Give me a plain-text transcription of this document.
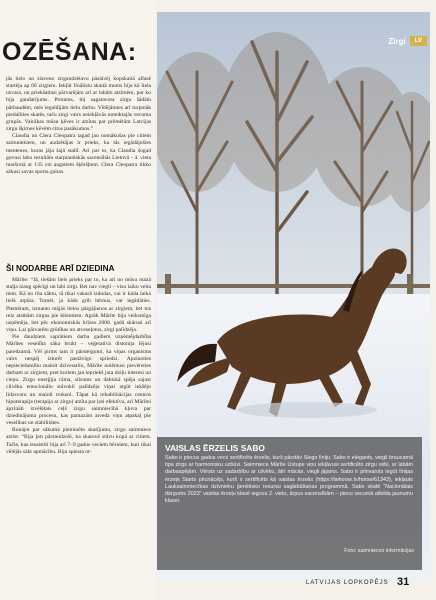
OZĒŠANA:

jās lielo un slaveno zirgaudzētavu pāstāvēj kopskaitā aflasē startēja ap 60 zirgiem. Iekļūt finālistu skaitā mums bija kā liela uzvara, un priekšatlasi pārvarējām arī ar labām atzīmēm, par ko bija gandarījums. Protams, bij sagatavota zirgu šādām pārbaudēm, mēs iegaldījām lielu darbu. Vēlējāmies arī turpmāk piedalīties skatēs, taču zirgi vairs neiekļāvās noteiktajās vecuma grupās. Vairākas mūsu ķēves ir atzītas par prēmētām Latvijas zirgu šķirnes kēvēm citos pasākumos.”

Claudia un Clera Cleopatra tagad jau nomākušas pie citiem saimniekiem, un audzētājas ir prieks, ka tās iegādājušies mentenes, kuras jāja šajā stallī. Arī par to, ka Claudia šogad guvusi labu rezultātu starptautiskās sacensībās Lietuvā - 4. vieta maršrutā ar 135 cm augstiem šķēršļiem. Clera Cleopatra tikko sākusi savas sporta gaitas.

ŠI NODARBE ARĪ DZIEDINA

Mārīte: “Jā, tiešām liels prieks par to, ka arī no mūsu mazā staļļa izaug spēcīgi un labi zirgi. Bet nav viegli – visu laiku velta tiem. Kā no rīta sāktu, tā tikai vakarā izdodas, vai ir kāda laika lielā atpūta. Tomēr, ja kāds grib bērnus, var iegādāties. Piemēram, izmanto mājās lielos pārgājienos ar zirgiem, bet tos reiz atsūtām zirgus pie klientiem. Agrāk Mārīte bija veiksmīga uzņēmēja, bet pēc ekonomiskās krīzes 2008. gadā skārusi arī viņu. Lai pārvarētu grūtības un atveseļotos, zirgi palīdzēja.

Pie daudziem saprātiem darba gadiem uzņēmējdarbība Mārītes veselība sāka brukt – veģetatīvā distonija lējusi paredzamā. Vēl pirms tam ir pārsteigumi, ka viņas organisms vairs nespēj izturēt pastāvīgo spriedzi. Apzinoties nepieciešamību mainīt dzīvesstilu, Mārīte nolēmusi pievērsties darbam ar zirgiem, pret kuriem jau iepriekš juta dziļu interesi un cieņu. Zirgu enerģija rāma, silsums un dabiskā spēja sajust cilvēka emocionālo stāvokli palīdzēja viņai atgūt iekšējo līdzsvaru un mainīt troksni. Tāpat kā rehabilitācijas centros hipoterapija (terapija ar zirgu) atzīta par ļoti efektīvu, arī Mārītei apzināti izvēlētais ceļš zirgu saimniecībā kļuva par dziedinājuma procesu, kas pamazām atveda viņu atpakaļ pie veselības un stabilitātes.

Runājot par sākumā pieminēto skatījumu, zirgu saimniece atzīst: “Bija ļoti pārsteidzoši, ka skatuvē stāvu kopā ar citiem. Tačie, kas iesaistīti bija arī 7–9 gadus veciem bērniem, kuri tikai vēlējās sākt apmācību. Bija spiesta ot-

Zirgi	LV
VAISLAS ĒRZELIS SABO
Sabo ir piecus gadus vecs sertificēts ērzelis, kurš pārstāv Siego līniju. Sabo ir elegants, viegli braucamā tipa zirgs ar harmonisku uzbūvi. Saimniece Mārīte Ustupe viņu iekļāvusi sertificēto zirgu vidū, ar labām darbaspējām. Vērsts uz sadarbību ar cilvēku, ātri mācās, viegli jājams. Sabo ir pilnvarots iegūt līnijas ērzeļa Starts pēcnācējs, kurš ir sertificēts kā vaislas ērzelis (https://lwhorse.lv/horse/61343), iekļauts Lauksaimniecības dzīvnieku ģenētisko resursu saglabāšanas programmā. Sabo skatē “Nacionālais dārgums 2023” vaislas ērzeļu klasē ieguva 2. vietu, ārpus sacensībām – piecu vecumā atbilda jaunumu klasei.
Foto: saimnieces informācijas
LATVIJAS LOPKOPĒJS 31
